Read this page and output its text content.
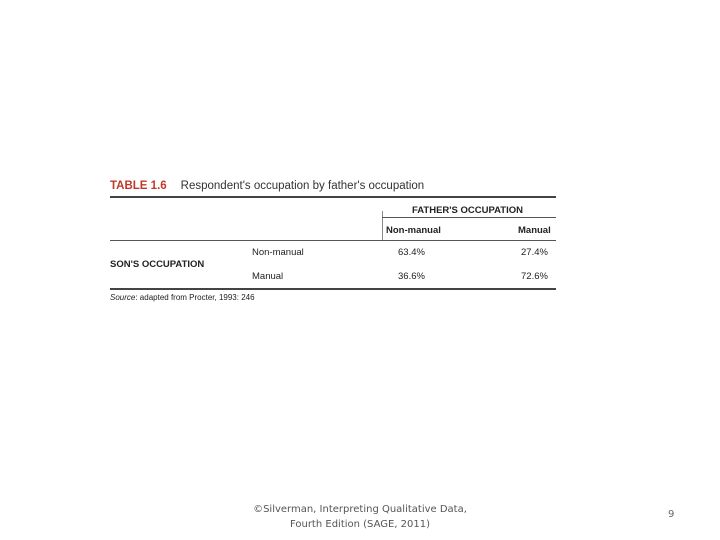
TABLE 1.6 Respondent's occupation by father's occupation
FATHER'S OCCUPATION
Non-manual	Manual
SON'S OCCUPATION
Non-manual	63.4%	27.4%
Manual	36.6%	72.6%
Source: adapted from Procter, 1993: 246
©Silverman, Interpreting Qualitative Data,
Fourth Edition (SAGE, 2011)
9
